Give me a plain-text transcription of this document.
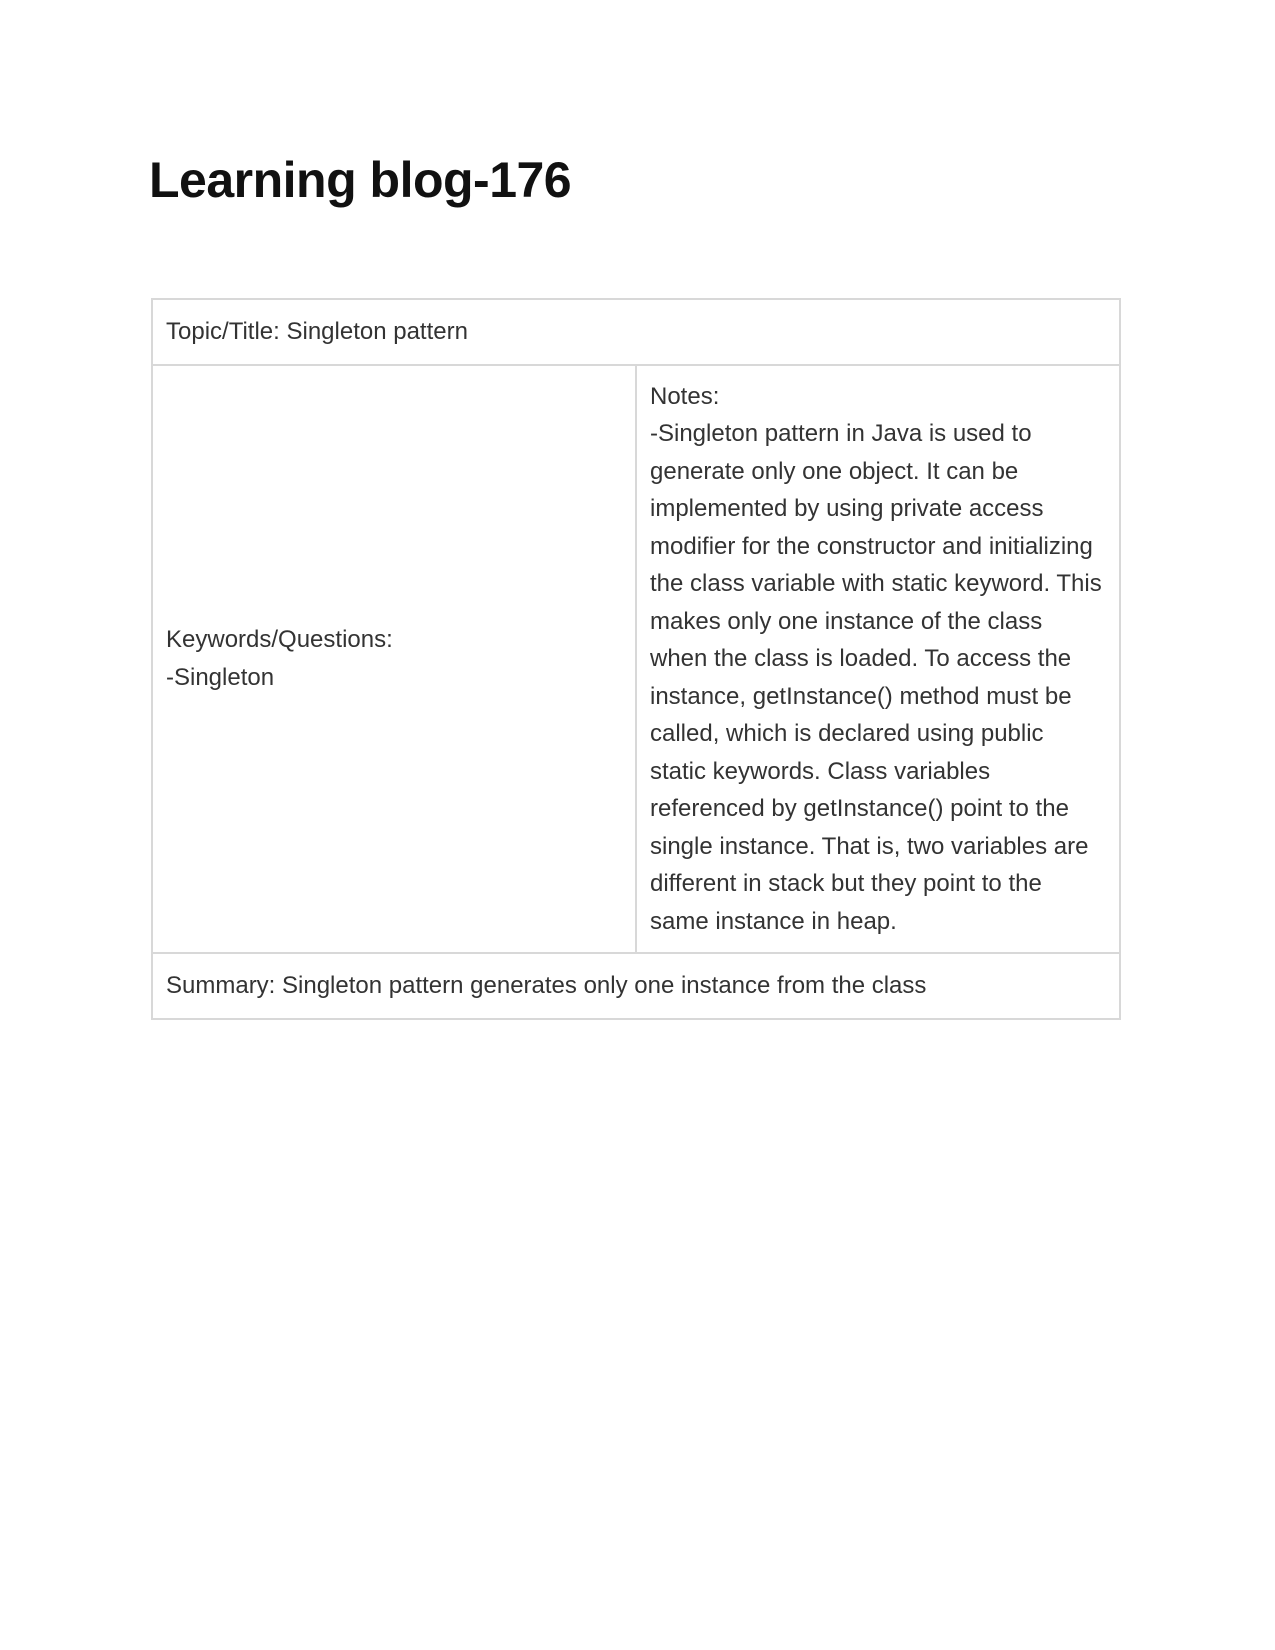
Learning blog-176
Topic/Title: Singleton pattern

Keywords/Questions:
-Singleton

Notes:
-Singleton pattern in Java is used to generate only one object. It can be implemented by using private access modifier for the constructor and initializing the class variable with static keyword. This makes only one instance of the class when the class is loaded. To access the instance, getInstance() method must be called, which is declared using public static keywords. Class variables referenced by getInstance() point to the single instance. That is, two variables are different in stack but they point to the same instance in heap.

Summary: Singleton pattern generates only one instance from the class
